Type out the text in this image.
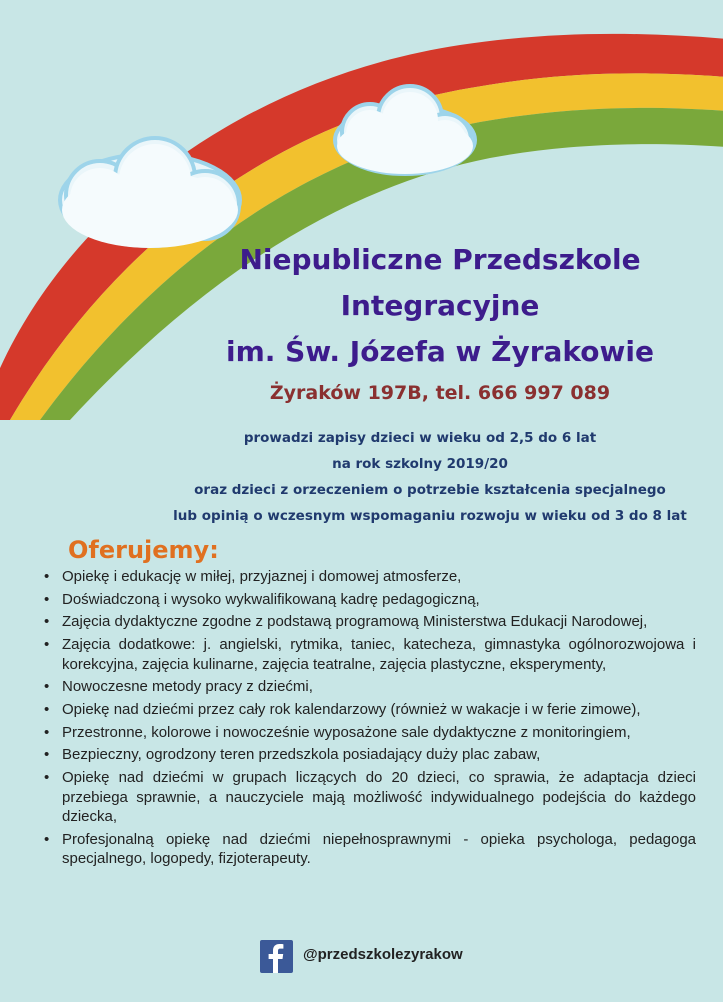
Niepubliczne Przedszkole
Integracyjne
im. Św. Józefa w Żyrakowie
Żyraków 197B, tel. 666 997 089
prowadzi zapisy dzieci w wieku od 2,5 do 6 lat
na rok szkolny 2019/20
oraz dzieci z orzeczeniem o potrzebie kształcenia specjalnego
lub opinią o wczesnym wspomaganiu rozwoju w wieku od 3 do 8 lat
Oferujemy:
• Opiekę i edukację w miłej, przyjaznej i domowej atmosferze,
• Doświadczoną i wysoko wykwalifikowaną kadrę pedagogiczną,
• Zajęcia dydaktyczne zgodne z podstawą programową Ministerstwa Edukacji Narodowej,
• Zajęcia dodatkowe: j. angielski, rytmika, taniec, katecheza, gimnastyka ogólnorozwojowa i korekcyjna, zajęcia kulinarne, zajęcia teatralne, zajęcia plastyczne, eksperymenty,
• Nowoczesne metody pracy z dziećmi,
• Opiekę nad dziećmi przez cały rok kalendarzowy (również w wakacje i w ferie zimowe),
• Przestronne, kolorowe i nowocześnie wyposażone sale dydaktyczne z monitoringiem,
• Bezpieczny, ogrodzony teren przedszkola posiadający duży plac zabaw,
• Opiekę nad dziećmi w grupach liczących do 20 dzieci, co sprawia, że adaptacja dzieci przebiega sprawnie, a nauczyciele mają możliwość indywidualnego podejścia do każdego dziecka,
• Profesjonalną opiekę nad dziećmi niepełnosprawnymi - opieka psychologa, pedagoga specjalnego, logopedy, fizjoterapeuty.
@przedszkolezyrakow
